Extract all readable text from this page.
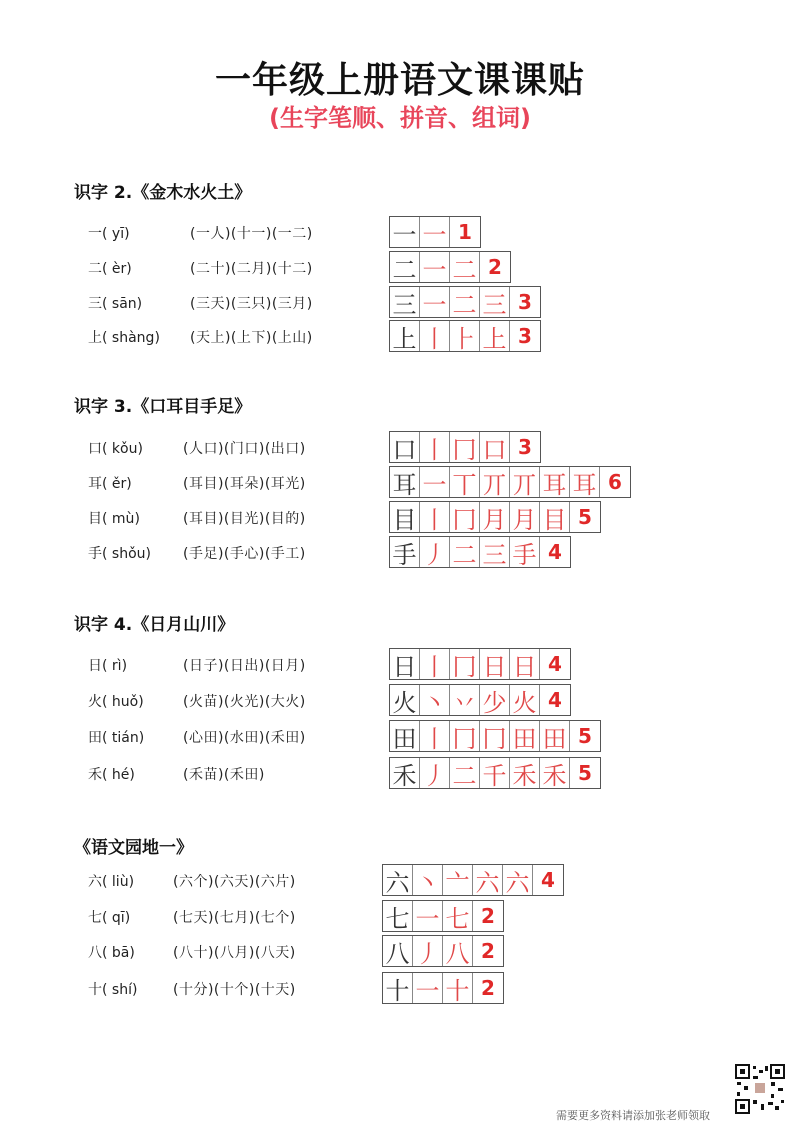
一年级上册语文课课贴
(生字笔顺、拼音、组词)
识字 2.《金木水火土》
一( yī)	(一人)(十一)(一二)	一 一 1
二( èr)	(二十)(二月)(十二)	二 一 二 2
三( sān)	(三天)(三只)(三月)	三 一 二 三 3
上( shàng) (天上)(上下)(上山)	上 丨 ⺊ 上 3
识字 3.《口耳目手足》
口( kǒu)	(人口)(门口)(出口)	口 丨 冂 口 3
耳( ěr)	(耳目)(耳朵)(耳光)	耳 一 丅 丌 丌 耳 耳 6
目( mù)	(耳目)(目光)(目的)	目 丨 冂 月 月 目 5
手( shǒu) (手足)(手心)(手工)	手 丿 二 三 手 4
识字 4.《日月山川》
日( rì)	(日子)(日出)(日月)	日 丨 冂 日 日 4
火( huǒ)	(火苗)(火光)(大火)	火 丶 丷 少 火 4
田( tián)	(心田)(水田)(禾田)	田 丨 冂 冂 田 田 5
禾( hé)	(禾苗)(禾田)	禾 丿 二 千 禾 禾 5
《语文园地一》
六( liù)	(六个)(六天)(六片)	六 丶 亠 六 六 4
七( qī)	(七天)(七月)(七个)	七 一 七 2
八( bā)	(八十)(八月)(八天)	八 丿 八 2
十( shí)	(十分)(十个)(十天)	十 一 十 2
需要更多资料请添加张老师领取
